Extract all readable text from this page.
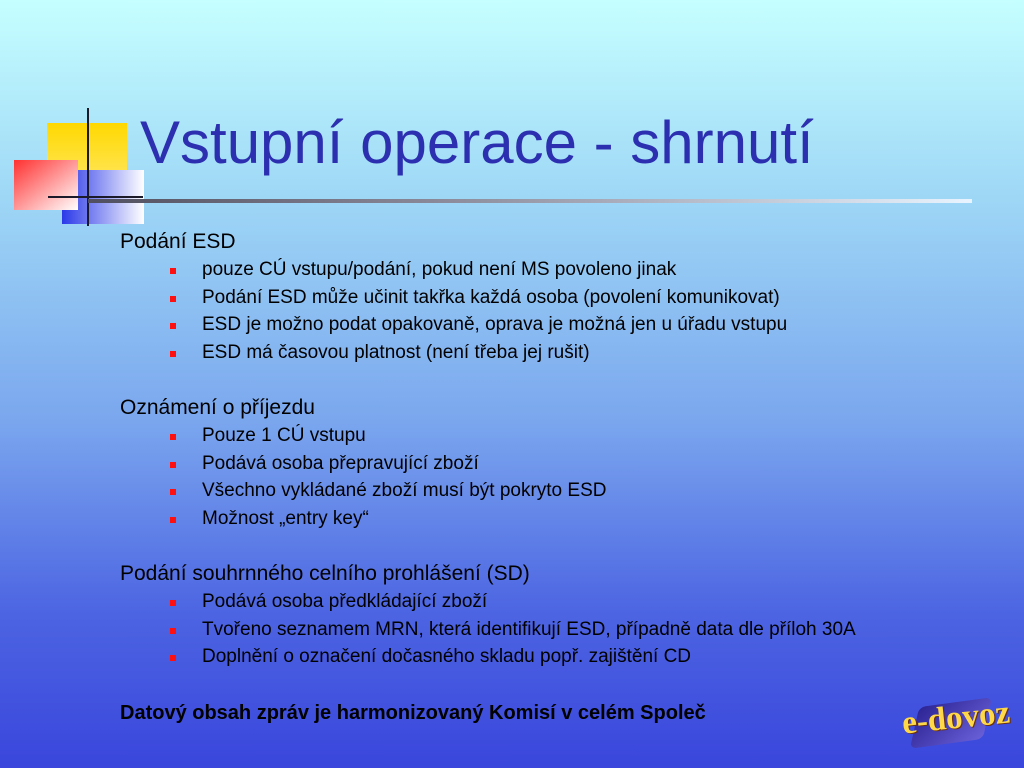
Vstupní operace - shrnutí

Podání ESD

pouze CÚ vstupu/podání, pokud není MS povoleno jinak
Podání ESD může učinit takřka každá osoba (povolení komunikovat)
ESD je možno podat opakovaně, oprava je možná jen u úřadu vstupu
ESD má časovou platnost (není třeba jej rušit)

Oznámení o příjezdu

Pouze 1 CÚ vstupu
Podává osoba přepravující zboží
Všechno vykládané zboží musí být pokryto ESD
Možnost „entry key“

Podání souhrnného celního prohlášení (SD)

Podává osoba předkládající zboží
Tvořeno seznamem MRN, která identifikují ESD, případně data dle příloh 30A
Doplnění o označení dočasného skladu popř. zajištění CD

Datový obsah zpráv je harmonizovaný Komisí v celém Společ	e-dovoz
